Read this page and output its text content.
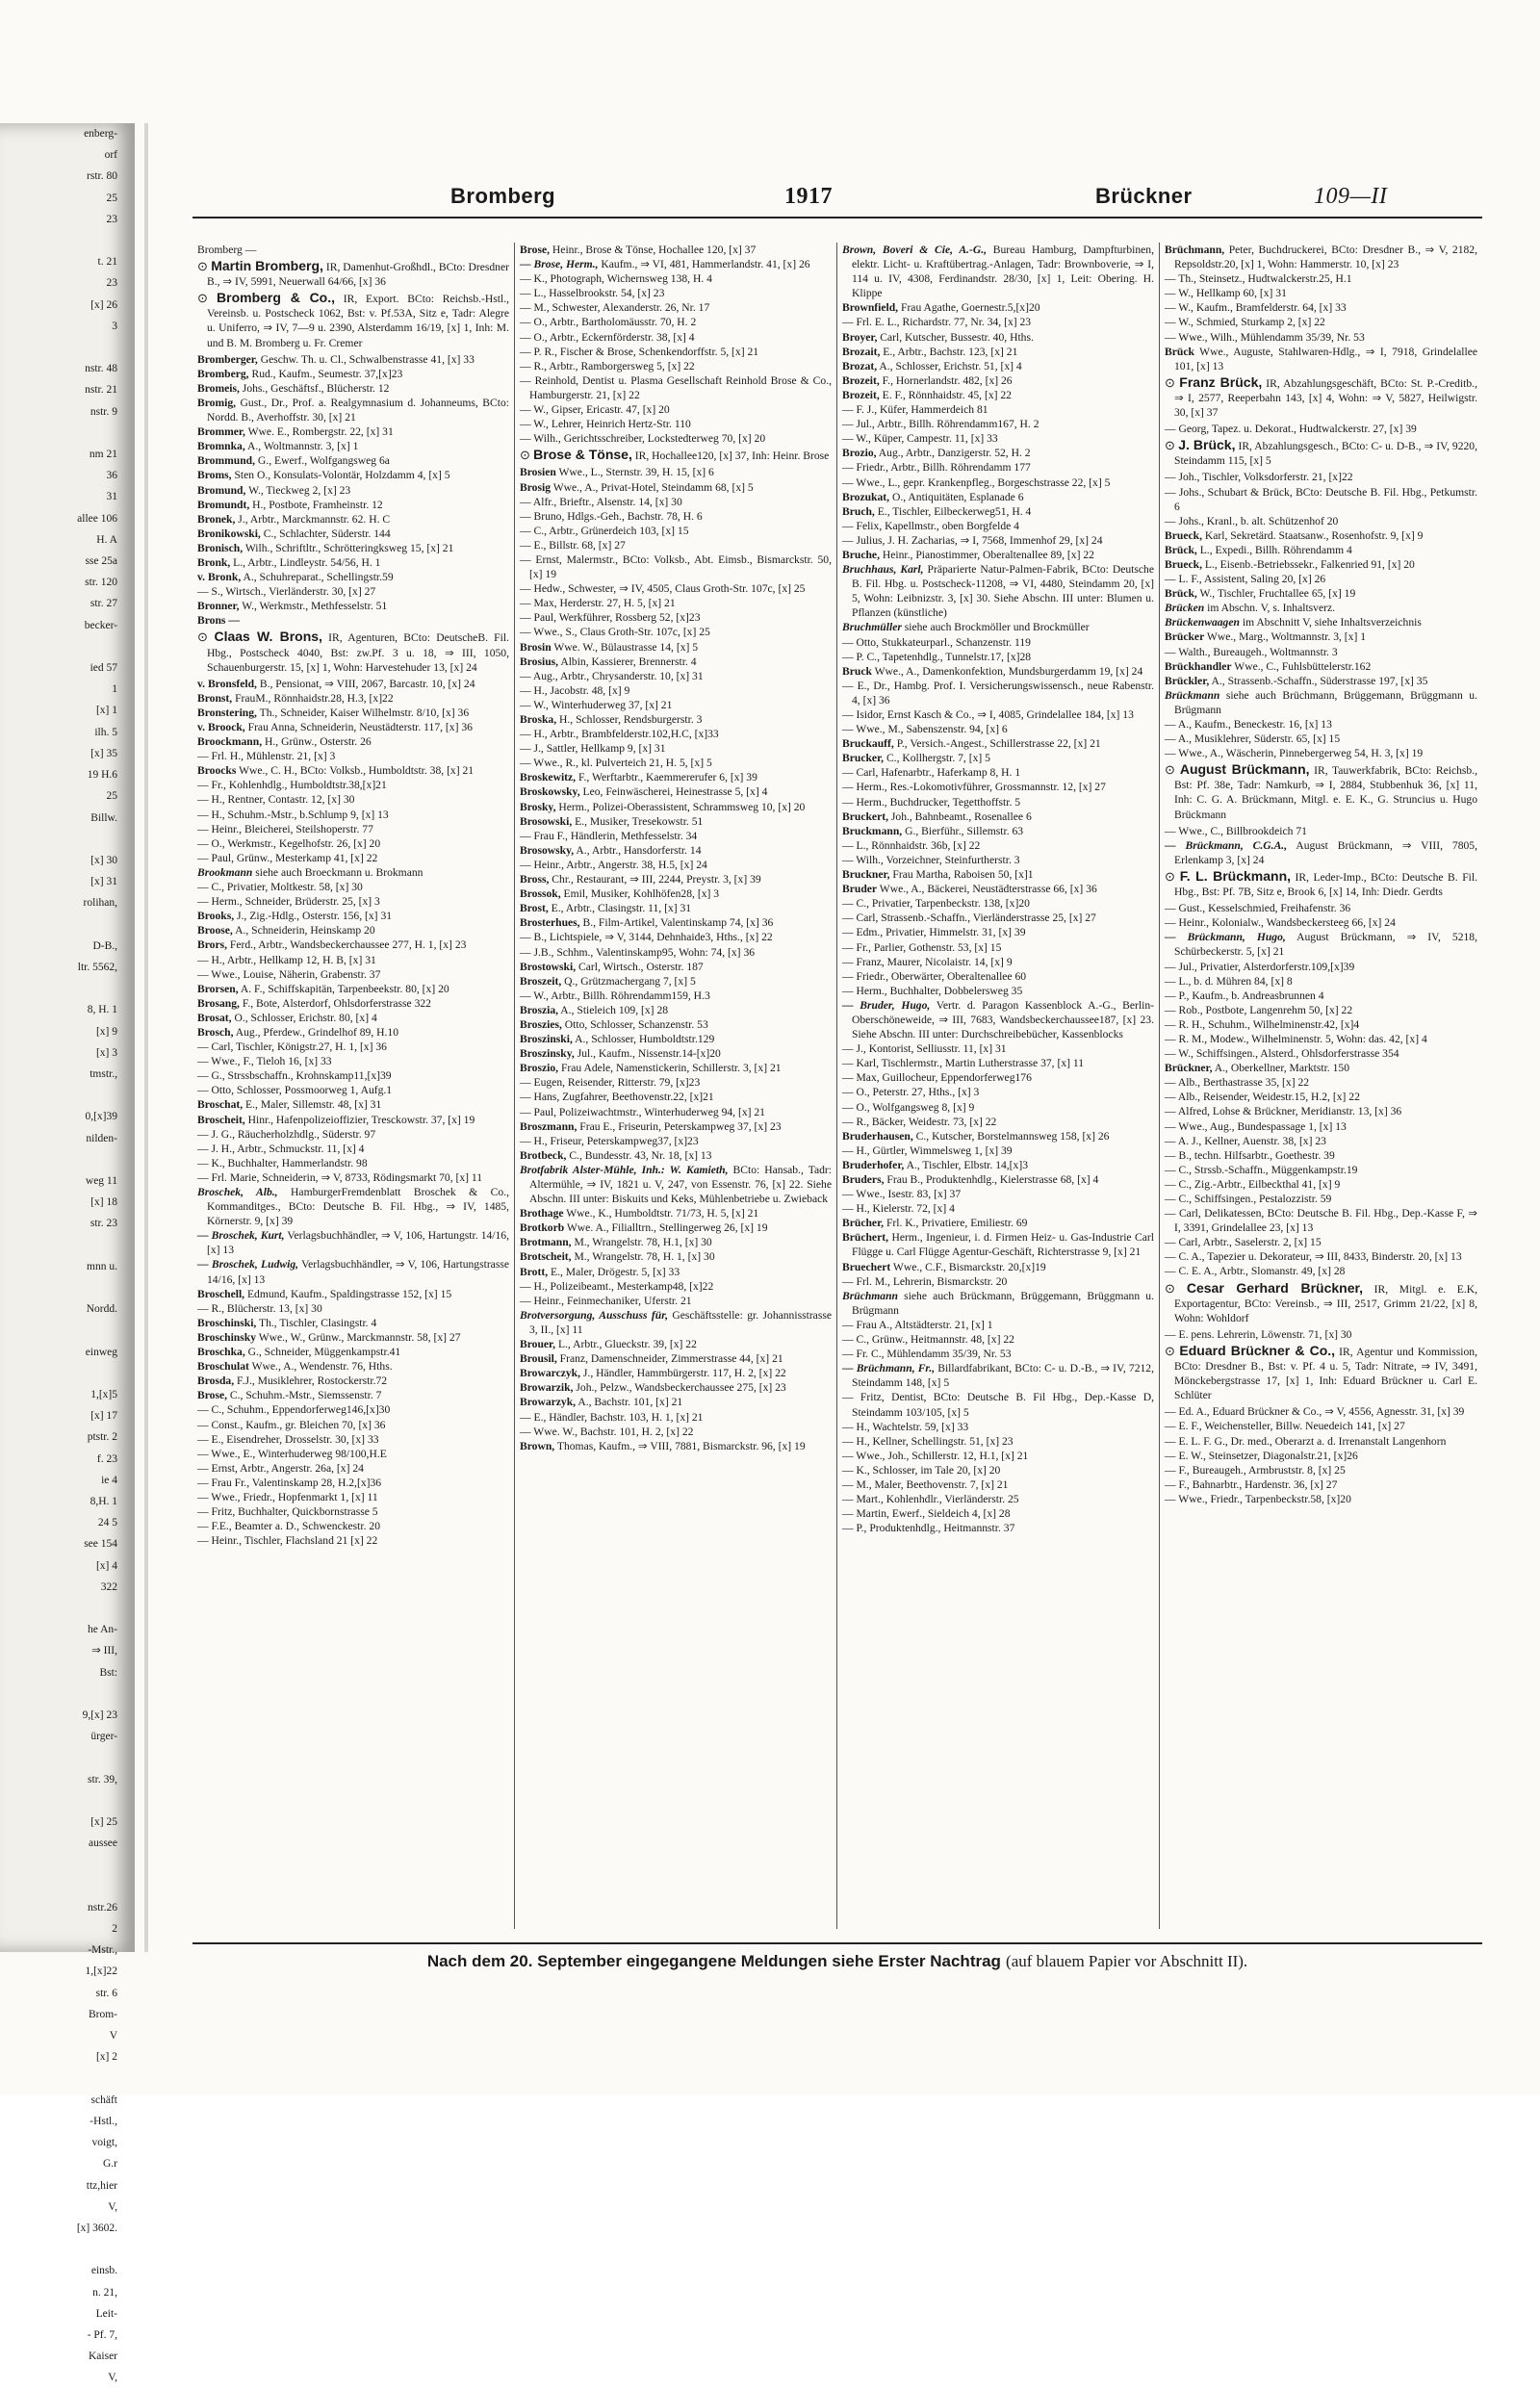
enberg-
orf
rstr. 80
25
23

t. 21
23
[x] 26
3

nstr. 48
nstr. 21
nstr. 9

nm 21
36
31
allee 106
H. A
sse 25a
str. 120
str. 27
becker-

ied 57
1
[x] 1
ilh. 5
[x] 35
19 H.6
25
Billw.

[x] 30
[x] 31
rolihan,

D-B.,
ltr. 5562,

8, H. 1
[x] 9
[x] 3
tmstr.,

0,[x]39
nilden-

weg 11
[x] 18
str. 23

mnn u.

Nordd.

einweg

1,[x]5
[x] 17
ptstr. 2
f. 23
ie 4
8,H. 1
24 5
see 154
[x] 4
322

he An-
⇒ III,
Bst:

9,[x] 23
ürger-

str. 39,

[x] 25
aussee

nstr.26
2
-Mstr.,
1,[x]22
str. 6
Brom-
V
[x] 2

schäft
-Hstl.,
voigt,
G.r
ttz,hier
V,
[x] 3602.

einsb.
n. 21,
Leit-
- Pf. 7,
Kaiser
V,
Bromberg	1917	Brückner	109—II

Bromberg —

⊙ Martin Bromberg, IR, Damenhut-Großhdl., BCto: Dresdner B., ⇒ IV, 5991, Neuerwall 64/66, [x] 36

⊙ Bromberg & Co., IR, Export. BCto: Reichsb.-Hstl., Vereinsb. u. Postscheck 1062, Bst: v. Pf.53A, Sitz e, Tadr: Alegre u. Uniferro, ⇒ IV, 7—9 u. 2390, Alsterdamm 16/19, [x] 1, Inh: M. und B. M. Bromberg u. Fr. Cremer

Bromberger, Geschw. Th. u. Cl., Schwalbenstrasse 41, [x] 33

Bromberg, Rud., Kaufm., Seumestr. 37,[x]23

Bromeis, Johs., Geschäftsf., Blücherstr. 12

Bromig, Gust., Dr., Prof. a. Realgymnasium d. Johanneums, BCto: Nordd. B., Averhoffstr. 30, [x] 21

Brommer, Wwe. E., Rombergstr. 22, [x] 31

Bromnka, A., Woltmannstr. 3, [x] 1

Brommund, G., Ewerf., Wolfgangsweg 6a

Broms, Sten O., Konsulats-Volontär, Holzdamm 4, [x] 5

Bromund, W., Tieckweg 2, [x] 23

Bromundt, H., Postbote, Framheinstr. 12

Bronek, J., Arbtr., Marckmannstr. 62. H. C

Bronikowski, C., Schlachter, Süderstr. 144

Bronisch, Wilh., Schriftltr., Schrötteringksweg 15, [x] 21

Bronk, L., Arbtr., Lindleystr. 54/56, H. 1

v. Bronk, A., Schuhreparat., Schellingstr.59

— S., Wirtsch., Vierländerstr. 30, [x] 27

Bronner, W., Werkmstr., Methfesselstr. 51

Brons —

⊙ Claas W. Brons, IR, Agenturen, BCto: DeutscheB. Fil. Hbg., Postscheck 4040, Bst: zw.Pf. 3 u. 18, ⇒ III, 1050, Schauenburgerstr. 15, [x] 1, Wohn: Harvestehuder 13, [x] 24

v. Bronsfeld, B., Pensionat, ⇒ VIII, 2067, Barcastr. 10, [x] 24

Bronst, FrauM., Rönnhaidstr.28, H.3, [x]22

Bronstering, Th., Schneider, Kaiser Wilhelmstr. 8/10, [x] 36

v. Broock, Frau Anna, Schneiderin, Neustädterstr. 117, [x] 36

Broockmann, H., Grünw., Osterstr. 26

— Frl. H., Mühlenstr. 21, [x] 3

Broocks Wwe., C. H., BCto: Volksb., Humboldtstr. 38, [x] 21

— Fr., Kohlenhdlg., Humboldtstr.38,[x]21

— H., Rentner, Contastr. 12, [x] 30

— H., Schuhm.-Mstr., b.Schlump 9, [x] 13

— Heinr., Bleicherei, Steilshoperstr. 77

— O., Werkmstr., Kegelhofstr. 26, [x] 20

— Paul, Grünw., Mesterkamp 41, [x] 22

Brookmann siehe auch Broeckmann u. Brokmann

— C., Privatier, Moltkestr. 58, [x] 30

— Herm., Schneider, Brüderstr. 25, [x] 3

Brooks, J., Zig.-Hdlg., Osterstr. 156, [x] 31

Broose, A., Schneiderin, Heinskamp 20

Brors, Ferd., Arbtr., Wandsbeckerchaussee 277, H. 1, [x] 23

— H., Arbtr., Hellkamp 12, H. B, [x] 31

— Wwe., Louise, Näherin, Grabenstr. 37

Brorsen, A. F., Schiffskapitän, Tarpenbeekstr. 80, [x] 20

Brosang, F., Bote, Alsterdorf, Ohlsdorferstrasse 322

Brosat, O., Schlosser, Erichstr. 80, [x] 4

Brosch, Aug., Pferdew., Grindelhof 89, H.10

— Carl, Tischler, Königstr.27, H. 1, [x] 36

— Wwe., F., Tieloh 16, [x] 33

— G., Strssbschaffn., Krohnskamp11,[x]39

— Otto, Schlosser, Possmoorweg 1, Aufg.1

Broschat, E., Maler, Sillemstr. 48, [x] 31

Broscheit, Hinr., Hafenpolizeioffizier, Tresckowstr. 37, [x] 19

— J. G., Räucherholzhdlg., Süderstr. 97

— J. H., Arbtr., Schmuckstr. 11, [x] 4

— K., Buchhalter, Hammerlandstr. 98

— Frl. Marie, Schneiderin, ⇒ V, 8733, Rödingsmarkt 70, [x] 11

Broschek, Alb., HamburgerFremdenblatt Broschek & Co., Kommanditges., BCto: Deutsche B. Fil. Hbg., ⇒ IV, 1485, Körnerstr. 9, [x] 39

— Broschek, Kurt, Verlagsbuchhändler, ⇒ V, 106, Hartungstr. 14/16, [x] 13

— Broschek, Ludwig, Verlagsbuchhändler, ⇒ V, 106, Hartungstrasse 14/16, [x] 13

Broschell, Edmund, Kaufm., Spaldingstrasse 152, [x] 15

— R., Blücherstr. 13, [x] 30

Broschinski, Th., Tischler, Clasingstr. 4

Broschinsky Wwe., W., Grünw., Marckmannstr. 58, [x] 27

Broschka, G., Schneider, Müggenkampstr.41

Broschulat Wwe., A., Wendenstr. 76, Hths.

Brosda, F.J., Musiklehrer, Rostockerstr.72

Brose, C., Schuhm.-Mstr., Siemssenstr. 7

— C., Schuhm., Eppendorferweg146,[x]30

— Const., Kaufm., gr. Bleichen 70, [x] 36

— E., Eisendreher, Drosselstr. 30, [x] 33

— Wwe., E., Winterhuderweg 98/100,H.E

— Ernst, Arbtr., Angerstr. 26a, [x] 24

— Frau Fr., Valentinskamp 28, H.2,[x]36

— Wwe., Friedr., Hopfenmarkt 1, [x] 11

— Fritz, Buchhalter, Quickbornstrasse 5

— F.E., Beamter a. D., Schwenckestr. 20

— Heinr., Tischler, Flachsland 21 [x] 22

Brose, Heinr., Brose & Tönse, Hochallee 120, [x] 37

— Brose, Herm., Kaufm., ⇒ VI, 481, Hammerlandstr. 41, [x] 26

— K., Photograph, Wichernsweg 138, H. 4

— L., Hasselbrookstr. 54, [x] 23

— M., Schwester, Alexanderstr. 26, Nr. 17

— O., Arbtr., Bartholomäusstr. 70, H. 2

— O., Arbtr., Eckernförderstr. 38, [x] 4

— P. R., Fischer & Brose, Schenkendorffstr. 5, [x] 21

— R., Arbtr., Ramborgersweg 5, [x] 22

— Reinhold, Dentist u. Plasma Gesellschaft Reinhold Brose & Co., Hamburgerstr. 21, [x] 22

— W., Gipser, Ericastr. 47, [x] 20

— W., Lehrer, Heinrich Hertz-Str. 110

— Wilh., Gerichtsschreiber, Lockstedterweg 70, [x] 20

⊙ Brose & Tönse, IR, Hochallee120, [x] 37, Inh: Heinr. Brose

Brosien Wwe., L., Sternstr. 39, H. 15, [x] 6

Brosig Wwe., A., Privat-Hotel, Steindamm 68, [x] 5

— Alfr., Brieftr., Alsenstr. 14, [x] 30

— Bruno, Hdlgs.-Geh., Bachstr. 78, H. 6

— C., Arbtr., Grünerdeich 103, [x] 15

— E., Billstr. 68, [x] 27

— Ernst, Malermstr., BCto: Volksb., Abt. Eimsb., Bismarckstr. 50, [x] 19

— Hedw., Schwester, ⇒ IV, 4505, Claus Groth-Str. 107c, [x] 25

— Max, Herderstr. 27, H. 5, [x] 21

— Paul, Werkführer, Rossberg 52, [x]23

— Wwe., S., Claus Groth-Str. 107c, [x] 25

Brosin Wwe. W., Bülaustrasse 14, [x] 5

Brosius, Albin, Kassierer, Brennerstr. 4

— Aug., Arbtr., Chrysanderstr. 10, [x] 31

— H., Jacobstr. 48, [x] 9

— W., Winterhuderweg 37, [x] 21

Broska, H., Schlosser, Rendsburgerstr. 3

— H., Arbtr., Brambfelderstr.102,H.C, [x]33

— J., Sattler, Hellkamp 9, [x] 31

— Wwe., R., kl. Pulverteich 21, H. 5, [x] 5

Broskewitz, F., Werftarbtr., Kaemmererufer 6, [x] 39

Broskowsky, Leo, Feinwäscherei, Heinestrasse 5, [x] 4

Brosky, Herm., Polizei-Oberassistent, Schrammsweg 10, [x] 20

Brosowski, E., Musiker, Tresekowstr. 51

— Frau F., Händlerin, Methfesselstr. 34

Brosowsky, A., Arbtr., Hansdorferstr. 14

— Heinr., Arbtr., Angerstr. 38, H.5, [x] 24

Bross, Chr., Restaurant, ⇒ III, 2244, Preystr. 3, [x] 39

Brossok, Emil, Musiker, Kohlhöfen28, [x] 3

Brost, E., Arbtr., Clasingstr. 11, [x] 31

Brosterhues, B., Film-Artikel, Valentinskamp 74, [x] 36

— B., Lichtspiele, ⇒ V, 3144, Dehnhaide3, Hths., [x] 22

— J.B., Schhm., Valentinskamp95, Wohn: 74, [x] 36

Brostowski, Carl, Wirtsch., Osterstr. 187

Broszeit, Q., Grützmachergang 7, [x] 5

— W., Arbtr., Billh. Röhrendamm159, H.3

Broszia, A., Stieleich 109, [x] 28

Broszies, Otto, Schlosser, Schanzenstr. 53

Broszinski, A., Schlosser, Humboldtstr.129

Broszinsky, Jul., Kaufm., Nissenstr.14-[x]20

Broszio, Frau Adele, Namenstickerin, Schillerstr. 3, [x] 21

— Eugen, Reisender, Ritterstr. 79, [x]23

— Hans, Zugfahrer, Beethovenstr.22, [x]21

— Paul, Polizeiwachtmstr., Winterhuderweg 94, [x] 21

Broszmann, Frau E., Friseurin, Peterskampweg 37, [x] 23

— H., Friseur, Peterskampweg37, [x]23

Brotbeck, C., Bundesstr. 43, Nr. 18, [x] 13

Brotfabrik Alster-Mühle, Inh.: W. Kamieth, BCto: Hansab., Tadr: Altermühle, ⇒ IV, 1821 u. V, 247, von Essenstr. 76, [x] 22. Siehe Abschn. III unter: Biskuits und Keks, Mühlenbetriebe u. Zwieback

Brothage Wwe., K., Humboldtstr. 71/73, H. 5, [x] 21

Brotkorb Wwe. A., Filialltrn., Stellingerweg 26, [x] 19

Brotmann, M., Wrangelstr. 78, H.1, [x] 30

Brotscheit, M., Wrangelstr. 78, H. 1, [x] 30

Brott, E., Maler, Drögestr. 5, [x] 33

— H., Polizeibeamt., Mesterkamp48, [x]22

— Heinr., Feinmechaniker, Uferstr. 21

Brotversorgung, Ausschuss für, Geschäftsstelle: gr. Johannisstrasse 3, II., [x] 11

Brouer, L., Arbtr., Glueckstr. 39, [x] 22

Brousil, Franz, Damenschneider, Zimmerstrasse 44, [x] 21

Browarczyk, J., Händler, Hammbürgerstr. 117, H. 2, [x] 22

Browarzik, Joh., Pelzw., Wandsbeckerchaussee 275, [x] 23

Browarzyk, A., Bachstr. 101, [x] 21

— E., Händler, Bachstr. 103, H. 1, [x] 21

— Wwe. W., Bachstr. 101, H. 2, [x] 22

Brown, Thomas, Kaufm., ⇒ VIII, 7881, Bismarckstr. 96, [x] 19

Brown, Boveri & Cie, A.-G., Bureau Hamburg, Dampfturbinen, elektr. Licht- u. Kraftübertrag.-Anlagen, Tadr: Brownboverie, ⇒ I, 114 u. IV, 4308, Ferdinandstr. 28/30, [x] 1, Leit: Obering. H. Klippe

Brownfield, Frau Agathe, Goernestr.5,[x]20

— Frl. E. L., Richardstr. 77, Nr. 34, [x] 23

Broyer, Carl, Kutscher, Bussestr. 40, Hths.

Brozait, E., Arbtr., Bachstr. 123, [x] 21

Brozat, A., Schlosser, Erichstr. 51, [x] 4

Brozeit, F., Hornerlandstr. 482, [x] 26

Brozeit, E. F., Rönnhaidstr. 45, [x] 22

— F. J., Küfer, Hammerdeich 81

— Jul., Arbtr., Billh. Röhrendamm167, H. 2

— W., Küper, Campestr. 11, [x] 33

Brozio, Aug., Arbtr., Danzigerstr. 52, H. 2

— Friedr., Arbtr., Billh. Röhrendamm 177

— Wwe., L., gepr. Krankenpfleg., Borgeschstrasse 22, [x] 5

Brozukat, O., Antiquitäten, Esplanade 6

Bruch, E., Tischler, Eilbeckerweg51, H. 4

— Felix, Kapellmstr., oben Borgfelde 4

— Julius, J. H. Zacharias, ⇒ I, 7568, Immenhof 29, [x] 24

Bruche, Heinr., Pianostimmer, Oberaltenallee 89, [x] 22

Bruchhaus, Karl, Präparierte Natur-Palmen-Fabrik, BCto: Deutsche B. Fil. Hbg. u. Postscheck-11208, ⇒ VI, 4480, Steindamm 20, [x] 5, Wohn: Leibnizstr. 3, [x] 30. Siehe Abschn. III unter: Blumen u. Pflanzen (künstliche)

Bruchmüller siehe auch Brockmöller und Brockmüller

— Otto, Stukkateurparl., Schanzenstr. 119

— P. C., Tapetenhdlg., Tunnelstr.17, [x]28

Bruck Wwe., A., Damenkonfektion, Mundsburgerdamm 19, [x] 24

— E., Dr., Hambg. Prof. I. Versicherungswissensch., neue Rabenstr. 4, [x] 36

— Isidor, Ernst Kasch & Co., ⇒ I, 4085, Grindelallee 184, [x] 13

— Wwe., M., Sabenszenstr. 94, [x] 6

Bruckauff, P., Versich.-Angest., Schillerstrasse 22, [x] 21

Brucker, C., Kollhergstr. 7, [x] 5

— Carl, Hafenarbtr., Haferkamp 8, H. 1

— Herm., Res.-Lokomotivführer, Grossmannstr. 12, [x] 27

— Herm., Buchdrucker, Tegetthoffstr. 5

Bruckert, Joh., Bahnbeamt., Rosenallee 6

Bruckmann, G., Bierführ., Sillemstr. 63

— L., Rönnhaidstr. 36b, [x] 22

— Wilh., Vorzeichner, Steinfurtherstr. 3

Bruckner, Frau Martha, Raboisen 50, [x]1

Bruder Wwe., A., Bäckerei, Neustädterstrasse 66, [x] 36

— C., Privatier, Tarpenbeckstr. 138, [x]20

— Carl, Strassenb.-Schaffn., Vierländerstrasse 25, [x] 27

— Edm., Privatier, Himmelstr. 31, [x] 39

— Fr., Parlier, Gothenstr. 53, [x] 15

— Franz, Maurer, Nicolaistr. 14, [x] 9

— Friedr., Oberwärter, Oberaltenallee 60

— Herm., Buchhalter, Dobbelersweg 35

— Bruder, Hugo, Vertr. d. Paragon Kassenblock A.-G., Berlin-Oberschöneweide, ⇒ III, 7683, Wandsbeckerchaussee187, [x] 23. Siehe Abschn. III unter: Durchschreibebücher, Kassenblocks

— J., Kontorist, Selliusstr. 11, [x] 31

— Karl, Tischlermstr., Martin Lutherstrasse 37, [x] 11

— Max, Guillocheur, Eppendorferweg176

— O., Peterstr. 27, Hths., [x] 3

— O., Wolfgangsweg 8, [x] 9

— R., Bäcker, Weidestr. 73, [x] 22

Bruderhausen, C., Kutscher, Borstelmannsweg 158, [x] 26

— H., Gürtler, Wimmelsweg 1, [x] 39

Bruderhofer, A., Tischler, Elbstr. 14,[x]3

Bruders, Frau B., Produktenhdlg., Kielerstrasse 68, [x] 4

— Wwe., Isestr. 83, [x] 37

— H., Kielerstr. 72, [x] 4

Brücher, Frl. K., Privatiere, Emiliestr. 69

Brüchert, Herm., Ingenieur, i. d. Firmen Heiz- u. Gas-Industrie Carl Flügge u. Carl Flügge Agentur-Geschäft, Richterstrasse 9, [x] 21

Bruechert Wwe., C.F., Bismarckstr. 20,[x]19

— Frl. M., Lehrerin, Bismarckstr. 20

Brüchmann siehe auch Brückmann, Brüggemann, Brüggmann u. Brügmann

— Frau A., Altstädterstr. 21, [x] 1

— C., Grünw., Heitmannstr. 48, [x] 22

— Fr. C., Mühlendamm 35/39, Nr. 53

— Brüchmann, Fr., Billardfabrikant, BCto: C- u. D.-B., ⇒ IV, 7212, Steindamm 148, [x] 5

— Fritz, Dentist, BCto: Deutsche B. Fil Hbg., Dep.-Kasse D, Steindamm 103/105, [x] 5

— H., Wachtelstr. 59, [x] 33

— H., Kellner, Schellingstr. 51, [x] 23

— Wwe., Joh., Schillerstr. 12, H.1, [x] 21

— K., Schlosser, im Tale 20, [x] 20

— M., Maler, Beethovenstr. 7, [x] 21

— Mart., Kohlenhdlr., Vierländerstr. 25

— Martin, Ewerf., Sieldeich 4, [x] 28

— P., Produktenhdlg., Heitmannstr. 37

Brüchmann, Peter, Buchdruckerei, BCto: Dresdner B., ⇒ V, 2182, Repsoldstr.20, [x] 1, Wohn: Hammerstr. 10, [x] 23

— Th., Steinsetz., Hudtwalckerstr.25, H.1

— W., Hellkamp 60, [x] 31

— W., Kaufm., Bramfelderstr. 64, [x] 33

— W., Schmied, Sturkamp 2, [x] 22

— Wwe., Wilh., Mühlendamm 35/39, Nr. 53

Brück Wwe., Auguste, Stahlwaren-Hdlg., ⇒ I, 7918, Grindelallee 101, [x] 13

⊙ Franz Brück, IR, Abzahlungsgeschäft, BCto: St. P.-Creditb., ⇒ I, 2577, Reeperbahn 143, [x] 4, Wohn: ⇒ V, 5827, Heilwigstr. 30, [x] 37

— Georg, Tapez. u. Dekorat., Hudtwalckerstr. 27, [x] 39

⊙ J. Brück, IR, Abzahlungsgesch., BCto: C- u. D-B., ⇒ IV, 9220, Steindamm 115, [x] 5

— Joh., Tischler, Volksdorferstr. 21, [x]22

— Johs., Schubart & Brück, BCto: Deutsche B. Fil. Hbg., Petkumstr. 6

— Johs., Kranl., b. alt. Schützenhof 20

Brueck, Karl, Sekretärd. Staatsanw., Rosenhofstr. 9, [x] 9

Brück, L., Expedi., Billh. Röhrendamm 4

Brueck, L., Eisenb.-Betriebssekr., Falkenried 91, [x] 20

— L. F., Assistent, Saling 20, [x] 26

Brück, W., Tischler, Fruchtallee 65, [x] 19

Brücken im Abschn. V, s. Inhaltsverz.

Brückenwaagen im Abschnitt V, siehe Inhaltsverzeichnis

Brücker Wwe., Marg., Woltmannstr. 3, [x] 1

— Walth., Bureaugeh., Woltmannstr. 3

Brückhandler Wwe., C., Fuhlsbüttelerstr.162

Brückler, A., Strassenb.-Schaffn., Süderstrasse 197, [x] 35

Brückmann siehe auch Brüchmann, Brüggemann, Brüggmann u. Brügmann

— A., Kaufm., Beneckestr. 16, [x] 13

— A., Musiklehrer, Süderstr. 65, [x] 15

— Wwe., A., Wäscherin, Pinnebergerweg 54, H. 3, [x] 19

⊙ August Brückmann, IR, Tauwerkfabrik, BCto: Reichsb., Bst: Pf. 38e, Tadr: Namkurb, ⇒ I, 2884, Stubbenhuk 36, [x] 11, Inh: C. G. A. Brückmann, Mitgl. e. E. K., G. Struncius u. Hugo Brückmann

— Wwe., C., Billbrookdeich 71

— Brückmann, C.G.A., August Brückmann, ⇒ VIII, 7805, Erlenkamp 3, [x] 24

⊙ F. L. Brückmann, IR, Leder-Imp., BCto: Deutsche B. Fil. Hbg., Bst: Pf. 7B, Sitz e, Brook 6, [x] 14, Inh: Diedr. Gerdts

— Gust., Kesselschmied, Freihafenstr. 36

— Heinr., Kolonialw., Wandsbeckersteeg 66, [x] 24

— Brückmann, Hugo, August Brückmann, ⇒ IV, 5218, Schürbeckerstr. 5, [x] 21

— Jul., Privatier, Alsterdorferstr.109,[x]39

— L., b. d. Mühren 84, [x] 8

— P., Kaufm., b. Andreasbrunnen 4

— Rob., Postbote, Langenrehm 50, [x] 22

— R. H., Schuhm., Wilhelminenstr.42, [x]4

— R. M., Modew., Wilhelminenstr. 5, Wohn: das. 42, [x] 4

— W., Schiffsingen., Alsterd., Ohlsdorferstrasse 354

Brückner, A., Oberkellner, Marktstr. 150

— Alb., Berthastrasse 35, [x] 22

— Alb., Reisender, Weidestr.15, H.2, [x] 22

— Alfred, Lohse & Brückner, Meridianstr. 13, [x] 36

— Wwe., Aug., Bundespassage 1, [x] 13

— A. J., Kellner, Auenstr. 38, [x] 23

— B., techn. Hilfsarbtr., Goethestr. 39

— C., Strssb.-Schaffn., Müggenkampstr.19

— C., Zig.-Arbtr., Eilbeckthal 41, [x] 9

— C., Schiffsingen., Pestalozzistr. 59

— Carl, Delikatessen, BCto: Deutsche B. Fil. Hbg., Dep.-Kasse F, ⇒ I, 3391, Grindelallee 23, [x] 13

— Carl, Arbtr., Saselerstr. 2, [x] 15

— C. A., Tapezier u. Dekorateur, ⇒ III, 8433, Binderstr. 20, [x] 13

— C. E. A., Arbtr., Slomanstr. 49, [x] 28

⊙ Cesar Gerhard Brückner, IR, Mitgl. e. E.K, Exportagentur, BCto: Vereinsb., ⇒ III, 2517, Grimm 21/22, [x] 8, Wohn: Wohldorf

— E. pens. Lehrerin, Löwenstr. 71, [x] 30

⊙ Eduard Brückner & Co., IR, Agentur und Kommission, BCto: Dresdner B., Bst: v. Pf. 4 u. 5, Tadr: Nitrate, ⇒ IV, 3491, Mönckebergstrasse 17, [x] 1, Inh: Eduard Brückner u. Carl E. Schlüter

— Ed. A., Eduard Brückner & Co., ⇒ V, 4556, Agnesstr. 31, [x] 39

— E. F., Weichensteller, Billw. Neuedeich 141, [x] 27

— E. L. F. G., Dr. med., Oberarzt a. d. Irrenanstalt Langenhorn

— E. W., Steinsetzer, Diagonalstr.21, [x]26

— F., Bureaugeh., Armbruststr. 8, [x] 25

— F., Bahnarbtr., Hardenstr. 36, [x] 27

— Wwe., Friedr., Tarpenbeckstr.58, [x]20

Nach dem 20. September eingegangene Meldungen siehe Erster Nachtrag (auf blauem Papier vor Abschnitt II).
